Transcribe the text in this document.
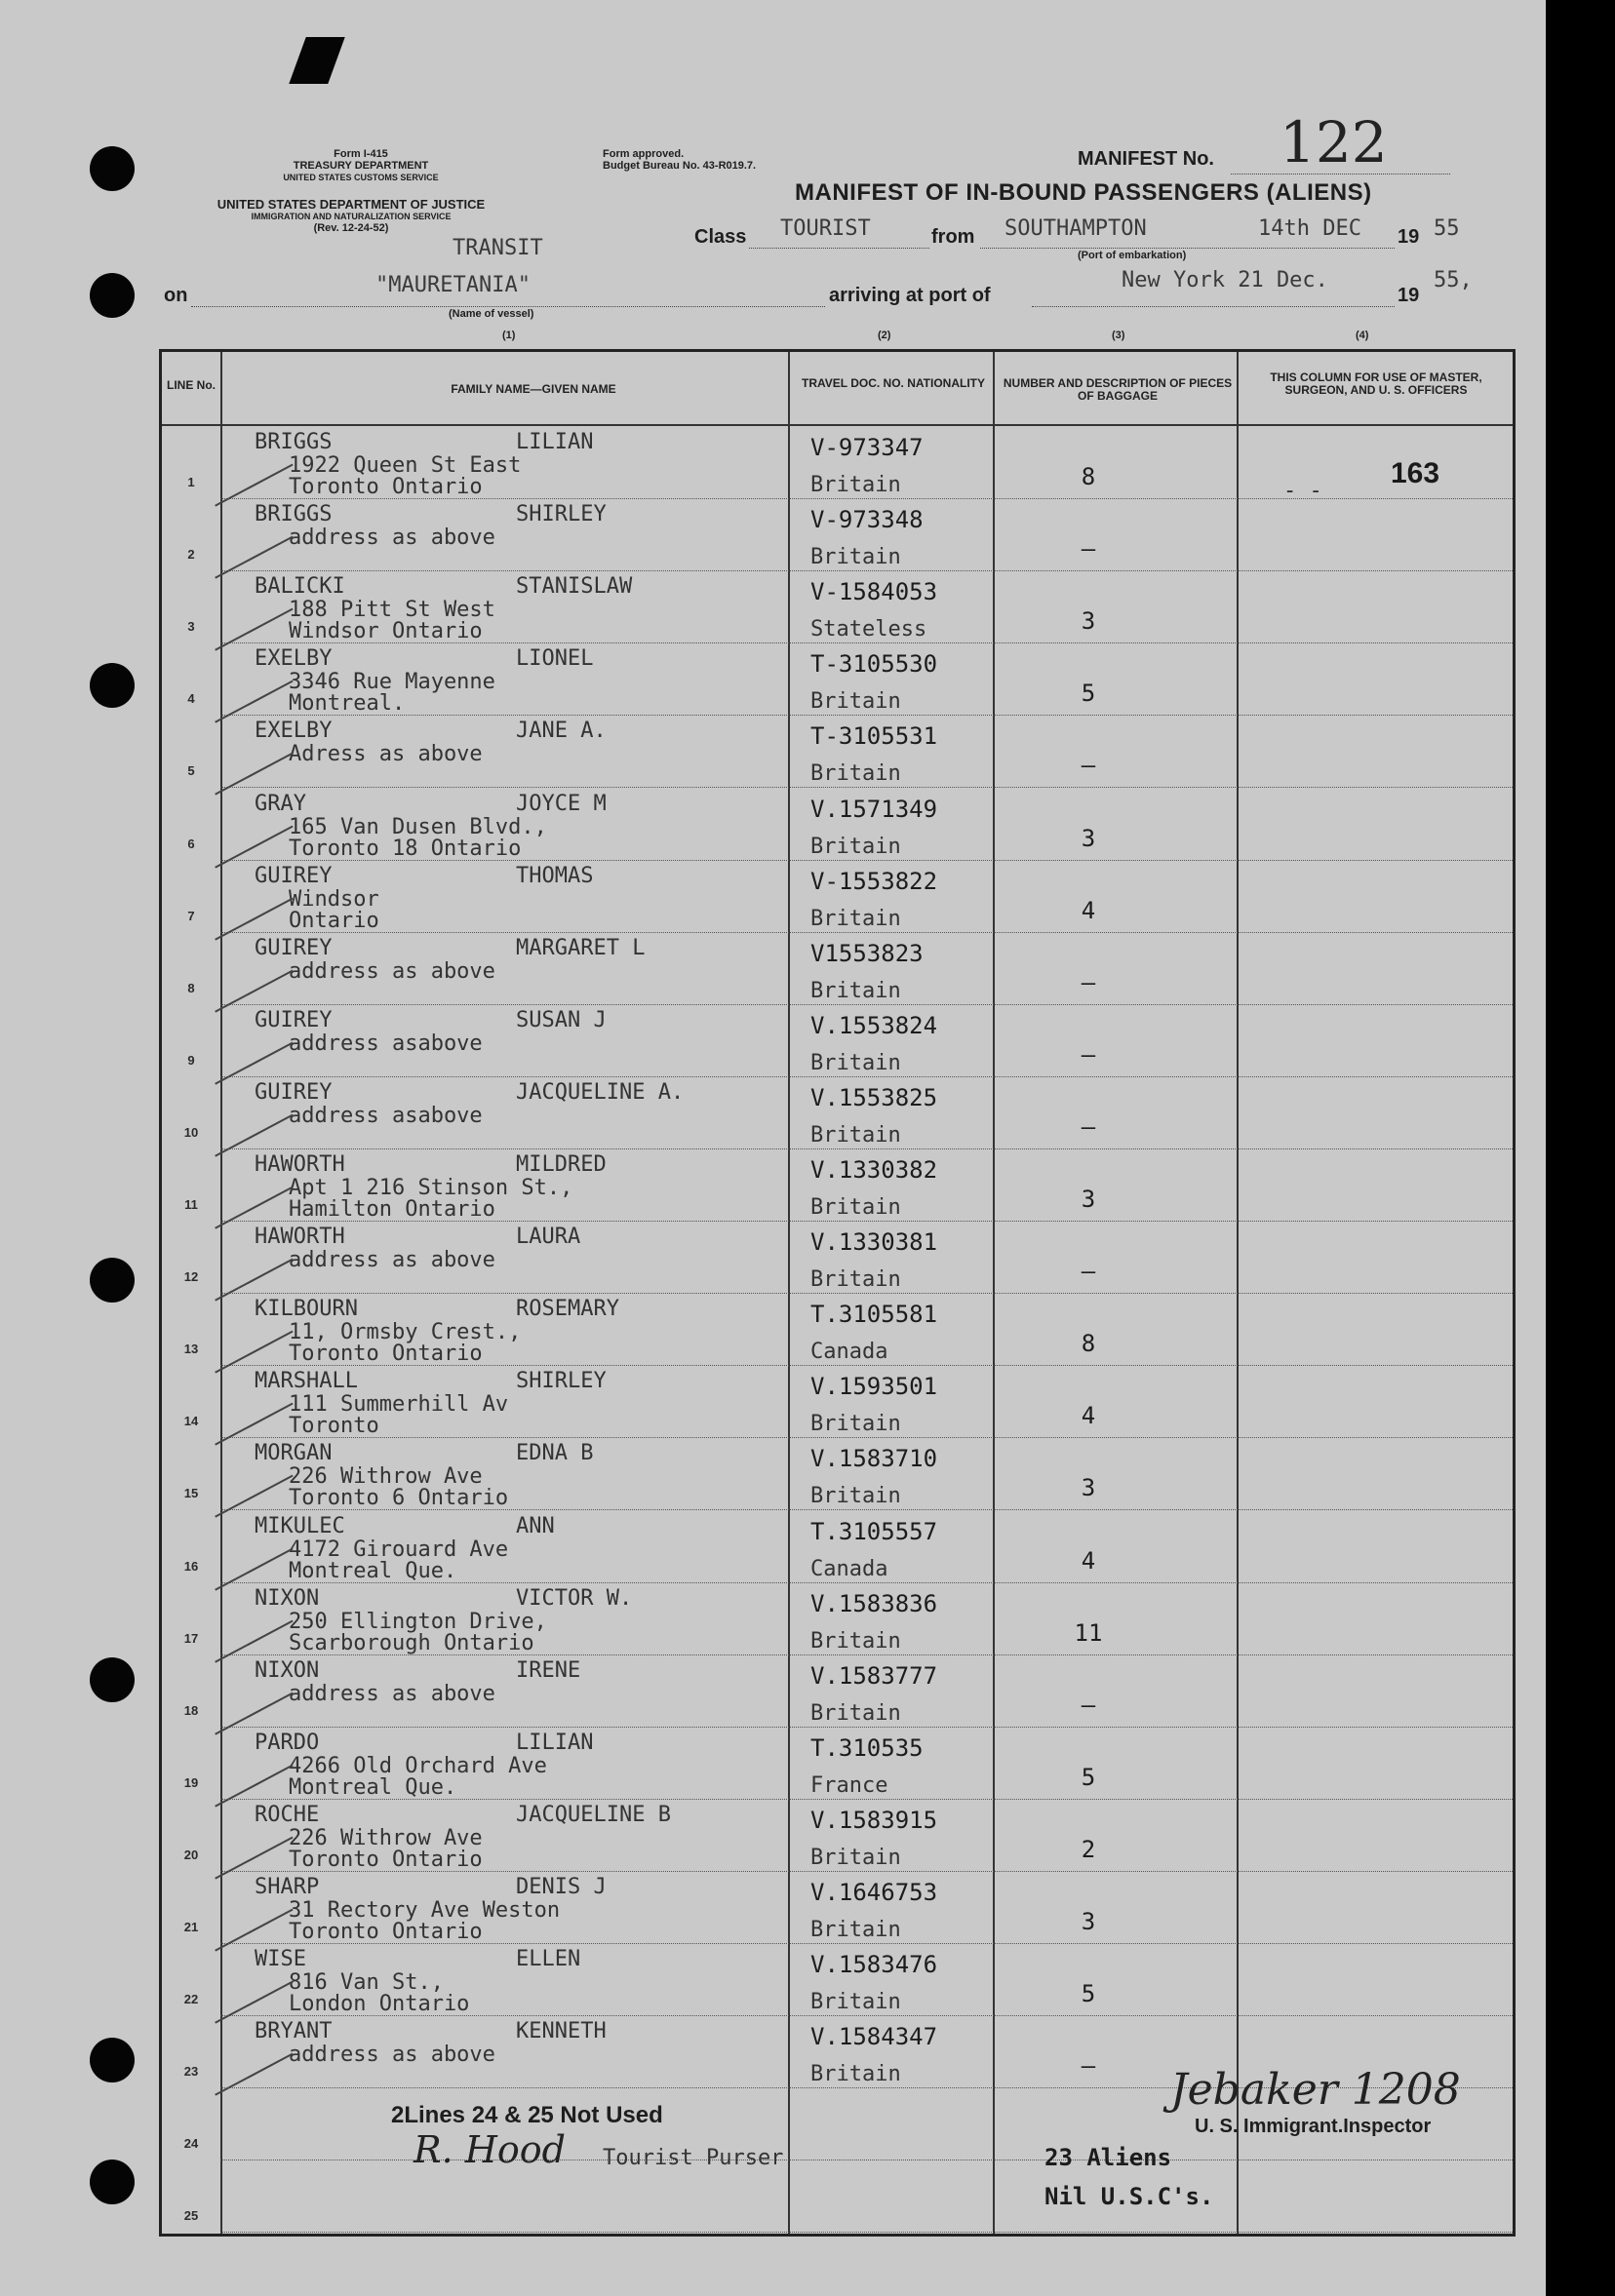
Form I-415
TREASURY DEPARTMENT
UNITED STATES CUSTOMS SERVICE
UNITED STATES DEPARTMENT OF JUSTICE
IMMIGRATION AND NATURALIZATION SERVICE
(Rev. 12-24-52)
Form approved.
Budget Bureau No. 43-R019.7.	MANIFEST No. 122
MANIFEST OF IN-BOUND PASSENGERS (ALIENS)
TRANSIT	Class TOURIST	from SOUTHAMPTON	14th DEC 19 55
(Port of embarkation)
on	"MAURETANIA"
(Name of vessel)
arriving at port of
New York 21 Dec.
19
55,
(1)	(2)	(3)	(4)
LINE No.	FAMILY NAME—GIVEN NAME	TRAVEL DOC. NO. NATIONALITY	NUMBER AND DESCRIPTION OF PIECES OF BAGGAGE
THIS COLUMN FOR USE OF MASTER, SURGEON, AND U. S. OFFICERS
- -
163
1
BRIGGS	LILIAN
1922 Queen St East
Toronto Ontario
V-973347
Britain	8
2
BRIGGS	SHIRLEY
address as above
V-973348
Britain	–
3
BALICKI	STANISLAW
188 Pitt St West
Windsor Ontario
V-1584053
Stateless	3
4
EXELBY	LIONEL
3346 Rue Mayenne
Montreal.
T-3105530
Britain	5
5
EXELBY	JANE A.
Adress as above
T-3105531
Britain	–
6
GRAY	JOYCE M
165 Van Dusen Blvd.,
Toronto 18 Ontario
V.1571349
Britain	3
7
GUIREY	THOMAS
Windsor
Ontario
V-1553822
Britain	4
8
GUIREY	MARGARET L
address as above
V1553823
Britain	–
9
GUIREY	SUSAN J
address asabove
V.1553824
Britain	–
10
GUIREY	JACQUELINE A.
address asabove
V.1553825
Britain	–
11
HAWORTH	MILDRED
Apt 1 216 Stinson St.,
Hamilton Ontario
V.1330382
Britain	3
12
HAWORTH	LAURA
address as above
V.1330381
Britain	–
13
KILBOURN	ROSEMARY
11, Ormsby Crest.,
Toronto Ontario
T.3105581
Canada	8
14
MARSHALL	SHIRLEY
111 Summerhill Av
Toronto
V.1593501
Britain	4
15
MORGAN	EDNA B
226 Withrow Ave
Toronto 6 Ontario
V.1583710
Britain	3
16
MIKULEC	ANN
4172 Girouard Ave
Montreal Que.
T.3105557
Canada	4
17
NIXON	VICTOR W.
250 Ellington Drive,
Scarborough Ontario
V.1583836
Britain	11
18
NIXON	IRENE
address as above
V.1583777
Britain	–
19
PARDO	LILIAN
4266 Old Orchard Ave
Montreal Que.
T.310535
France	5
20
ROCHE	JACQUELINE B
226 Withrow Ave
Toronto Ontario
V.1583915
Britain	2
21
SHARP	DENIS J
31 Rectory Ave Weston
Toronto Ontario
V.1646753
Britain	3
22
WISE	ELLEN
816 Van St.,
London Ontario
V.1583476
Britain	5
23
BRYANT	KENNETH
address as above
V.1584347
Britain	–
24
25
2Lines 24 & 25 Not Used
R. Hood Tourist Purser	23 Aliens
Nil U.S.C's.
Jebaker 1208
U. S. Immigrant.Inspector
